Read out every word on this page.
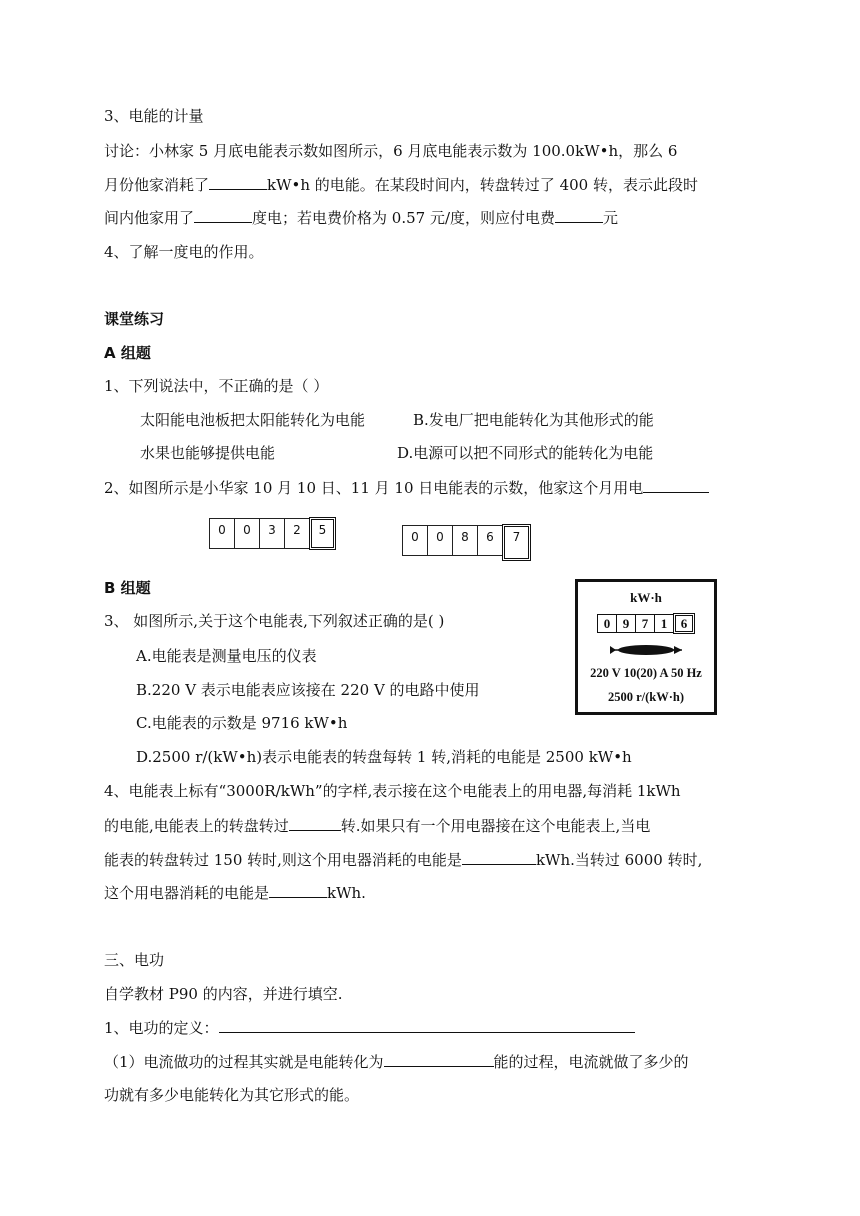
3、电能的计量
讨论：小林家 5 月底电能表示数如图所示，6 月底电能表示数为 100.0kW•h，那么 6
月份他家消耗了	kW•h 的电能。在某段时间内，转盘转过了 400 转，表示此段时
间内他家用了	度电；若电费价格为 0.57 元/度，则应付电费	元
4、了解一度电的作用。
课堂练习
A 组题
1、下列说法中，不正确的是（ ）
太阳能电池板把太阳能转化为电能	B.发电厂把电能转化为其他形式的能
水果也能够提供电能	D.电源可以把不同形式的能转化为电能
2、如图所示是小华家 10 月 10 日、11 月 10 日电能表的示数，他家这个月用电
0	0	3	2	5	0	0	8	6	7
B 组题
3、 如图所示,关于这个电能表,下列叙述正确的是( )
A.电能表是测量电压的仪表
B.220 V 表示电能表应该接在 220 V 的电路中使用
C.电能表的示数是 9716 kW•h
D.2500 r/(kW•h)表示电能表的转盘每转 1 转,消耗的电能是 2500 kW•h
kW·h
0 9 7 1	6
220 V 10(20) A 50 Hz
2500 r/(kW·h)
4、电能表上标有“3000R/kWh”的字样,表示接在这个电能表上的用电器,每消耗 1kWh
的电能,电能表上的转盘转过	转.如果只有一个用电器接在这个电能表上,当电
能表的转盘转过 150 转时,则这个用电器消耗的电能是	kWh.当转过 6000 转时,
这个用电器消耗的电能是	kWh.
三、电功
自学教材 P90 的内容，并进行填空.
1、电功的定义：
（1）电流做功的过程其实就是电能转化为	能的过程，电流就做了多少的
功就有多少电能转化为其它形式的能。
